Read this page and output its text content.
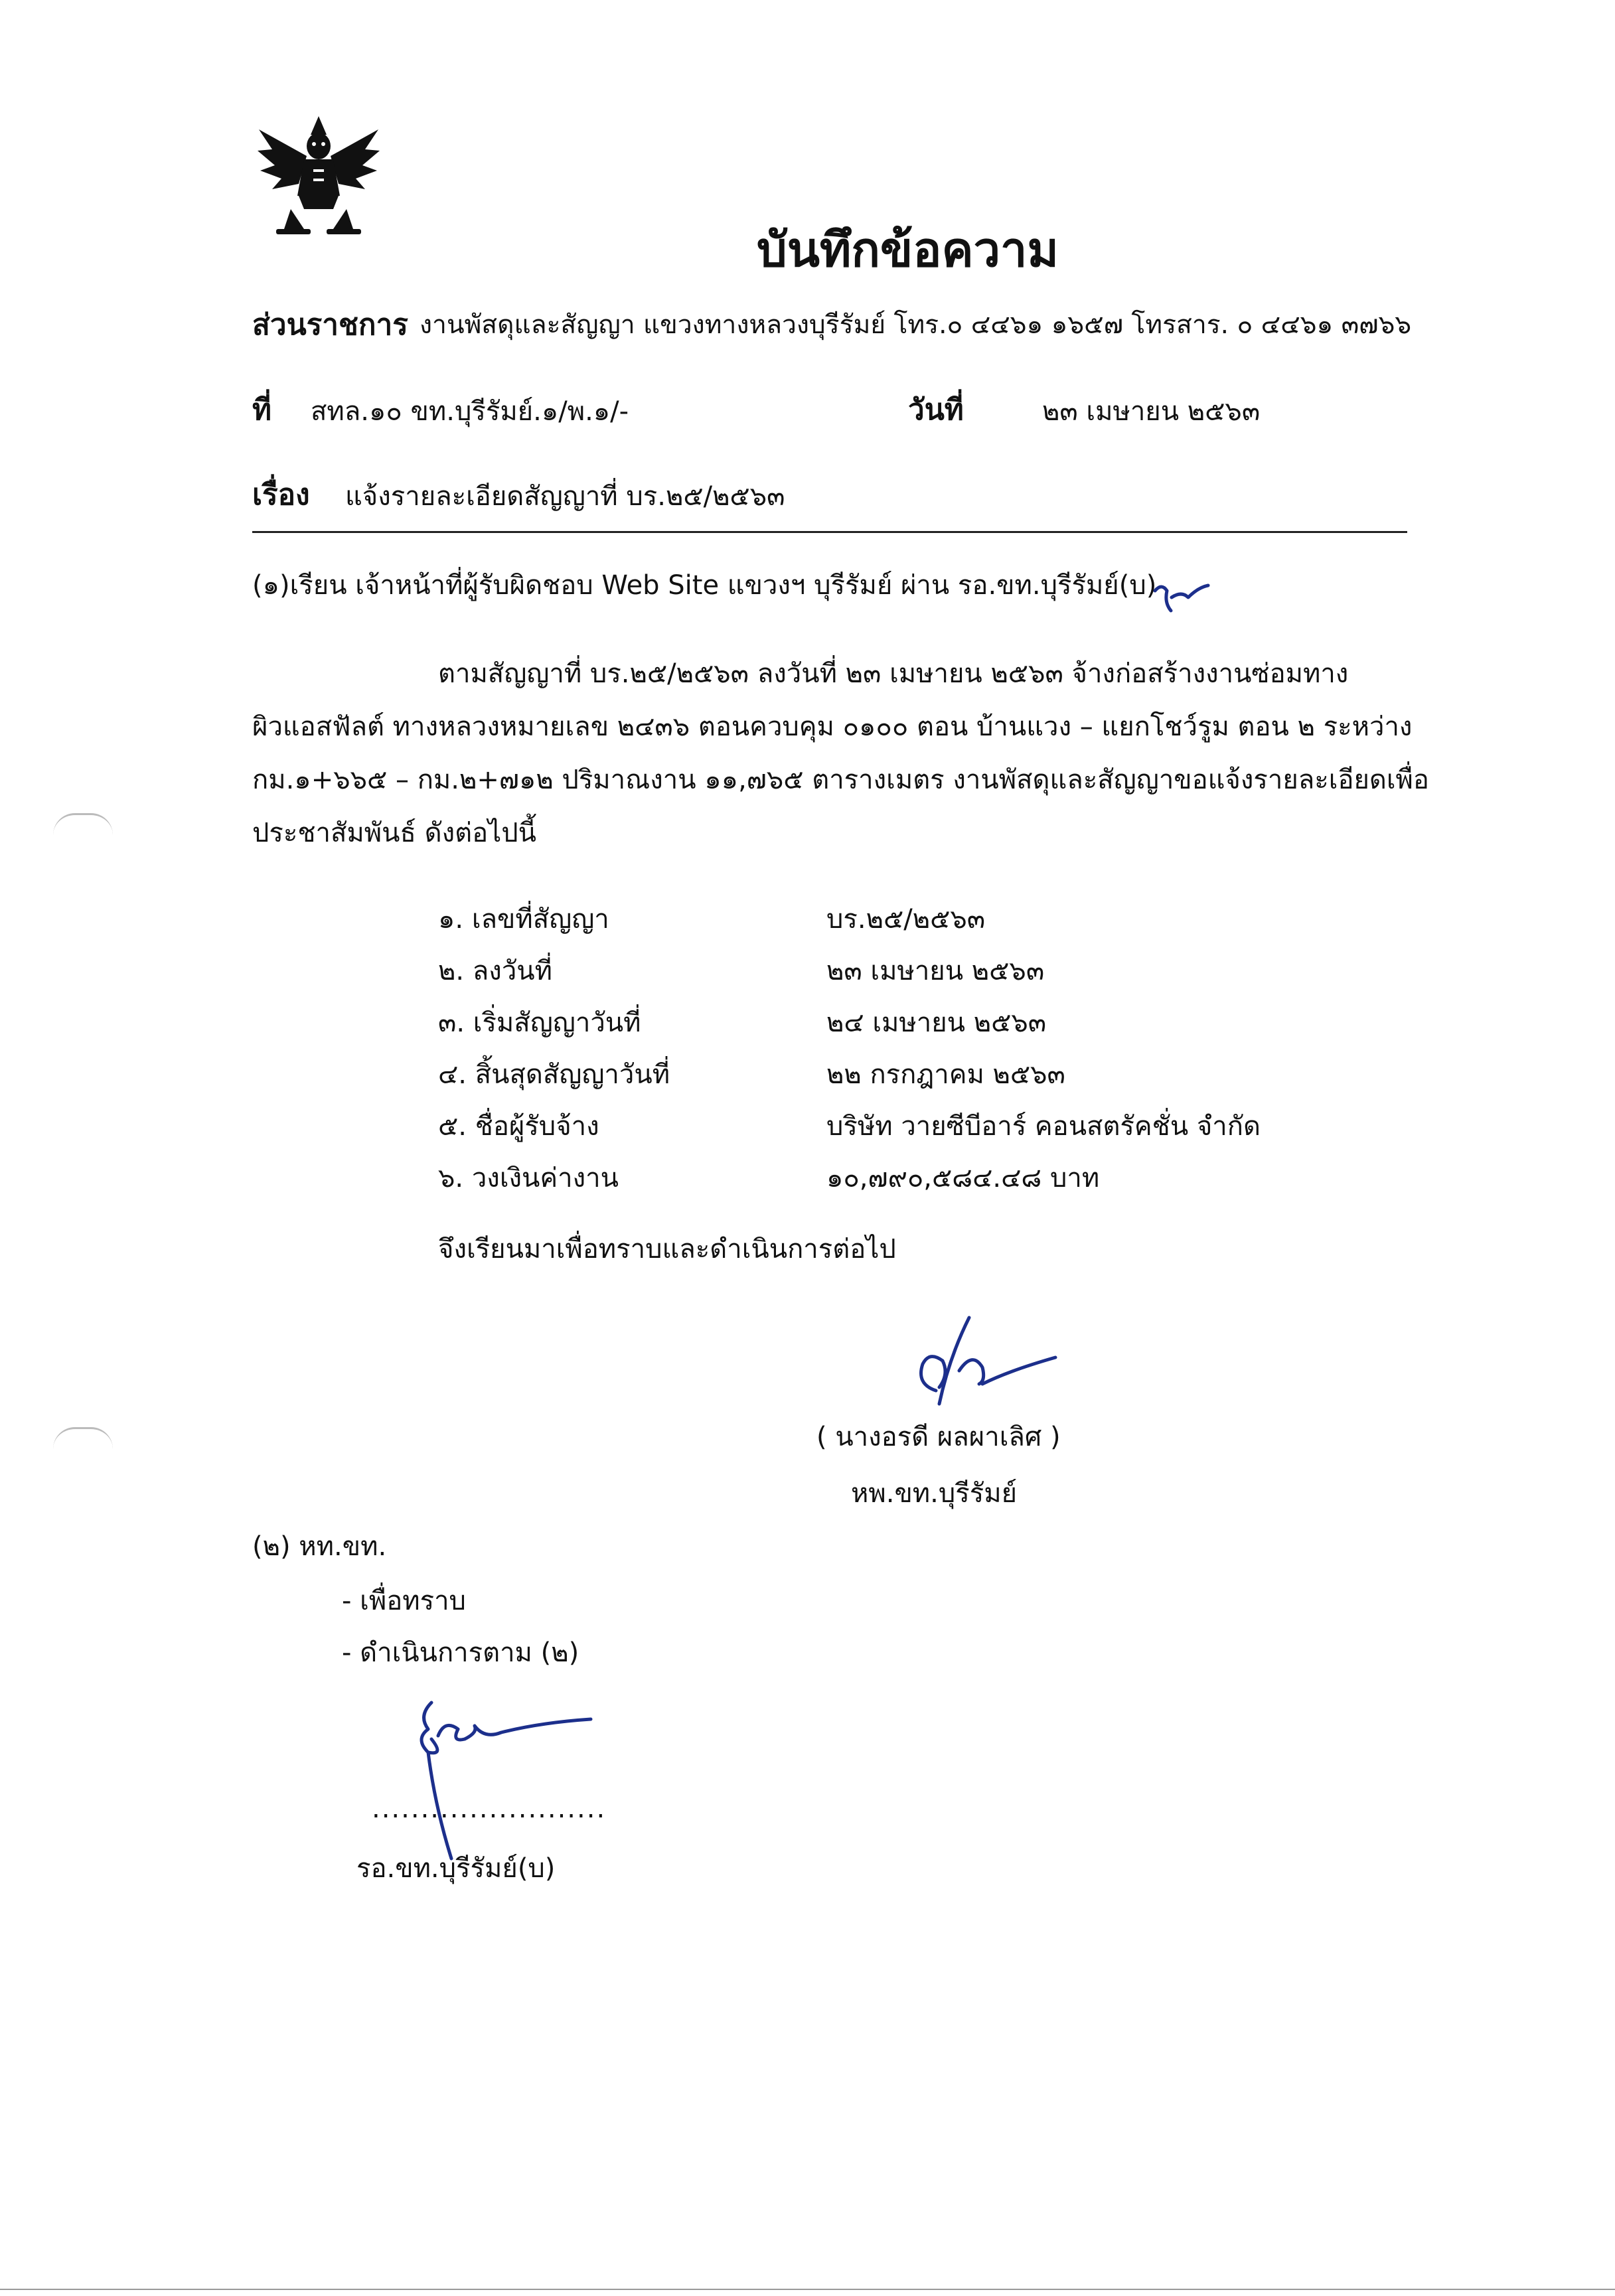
บันทึกข้อความ
ส่วนราชการ งานพัสดุและสัญญา แขวงทางหลวงบุรีรัมย์ โทร.๐ ๔๔๖๑ ๑๖๕๗ โทรสาร. ๐ ๔๔๖๑ ๓๗๖๖
ที่ สทล.๑๐ ขท.บุรีรัมย์.๑/พ.๑/-	วันที่	๒๓ เมษายน ๒๕๖๓
เรื่อง แจ้งรายละเอียดสัญญาที่ บร.๒๕/๒๕๖๓
(๑)เรียน เจ้าหน้าที่ผู้รับผิดชอบ Web Site แขวงฯ บุรีรัมย์ ผ่าน รอ.ขท.บุรีรัมย์(บ)
ตามสัญญาที่ บร.๒๕/๒๕๖๓ ลงวันที่ ๒๓ เมษายน ๒๕๖๓ จ้างก่อสร้างงานซ่อมทาง
ผิวแอสฟัลต์ ทางหลวงหมายเลข ๒๔๓๖ ตอนควบคุม ๐๑๐๐ ตอน บ้านแวง – แยกโชว์รูม ตอน ๒ ระหว่าง
กม.๑+๖๖๕ – กม.๒+๗๑๒ ปริมาณงาน ๑๑,๗๖๕ ตารางเมตร งานพัสดุและสัญญาขอแจ้งรายละเอียดเพื่อ
ประชาสัมพันธ์ ดังต่อไปนี้
๑. เลขที่สัญญา	บร.๒๕/๒๕๖๓
๒. ลงวันที่	๒๓ เมษายน ๒๕๖๓
๓. เริ่มสัญญาวันที่	๒๔ เมษายน ๒๕๖๓
๔. สิ้นสุดสัญญาวันที่	๒๒ กรกฎาคม ๒๕๖๓
๕. ชื่อผู้รับจ้าง	บริษัท วายซีบีอาร์ คอนสตรัคชั่น จำกัด
๖. วงเงินค่างาน	๑๐,๗๙๐,๕๘๔.๔๘ บาท
จึงเรียนมาเพื่อทราบและดำเนินการต่อไป
( นางอรดี ผลผาเลิศ )
หพ.ขท.บุรีรัมย์
(๒) หท.ขท.
- เพื่อทราบ
- ดำเนินการตาม (๒)
........................
รอ.ขท.บุรีรัมย์(บ)
